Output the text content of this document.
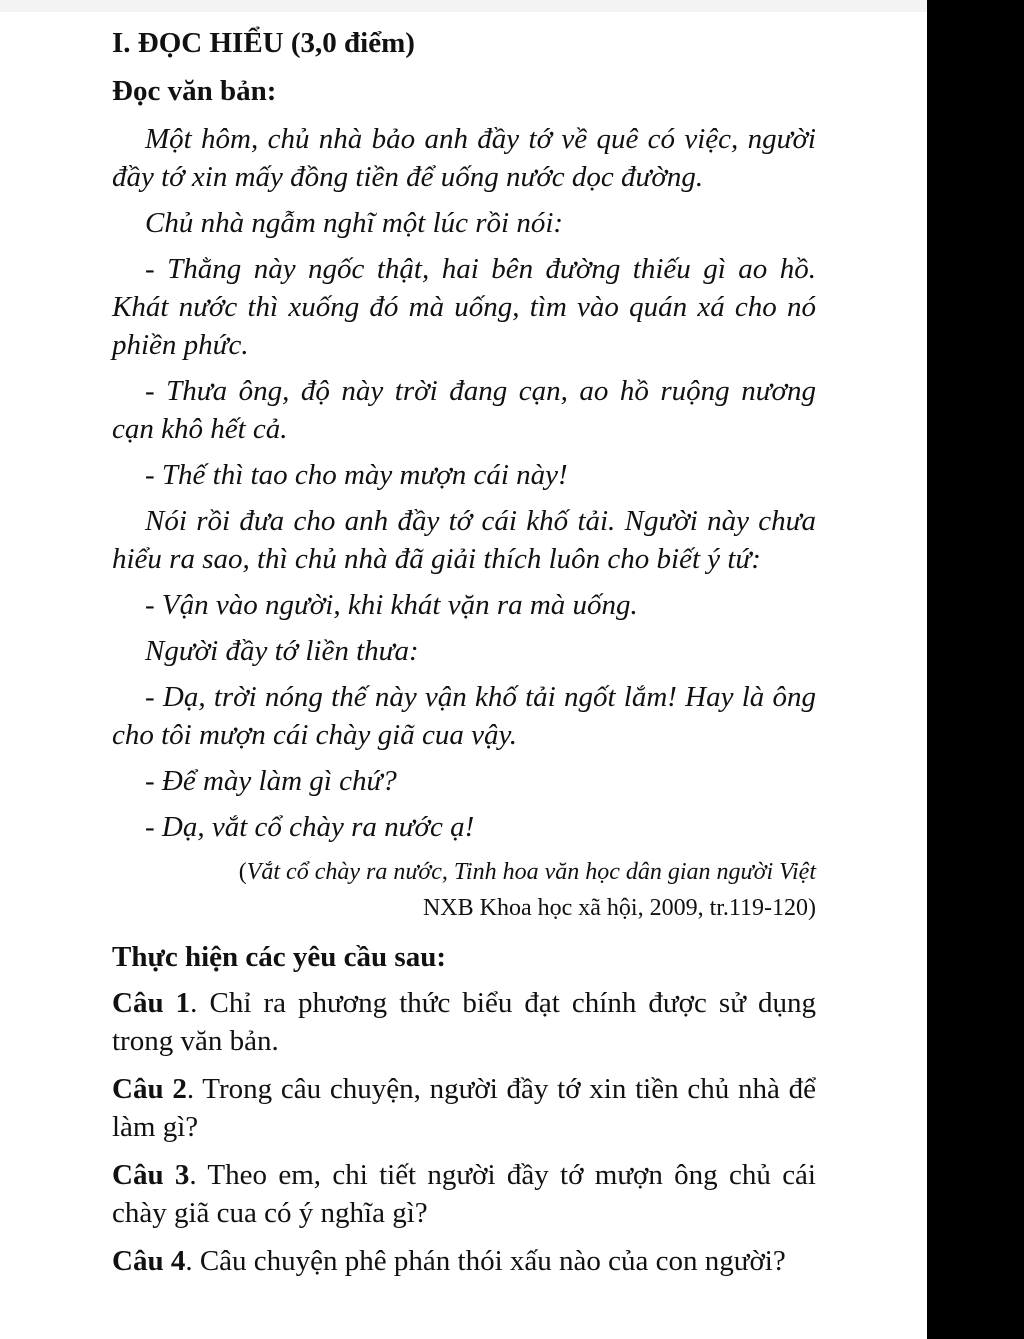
I. ĐỌC HIỂU (3,0 điểm)

Đọc văn bản:

Một hôm, chủ nhà bảo anh đầy tớ về quê có việc, người đầy tớ xin mấy đồng tiền để uống nước dọc đường.

Chủ nhà ngẫm nghĩ một lúc rồi nói:

- Thằng này ngốc thật, hai bên đường thiếu gì ao hồ. Khát nước thì xuống đó mà uống, tìm vào quán xá cho nó phiền phức.

- Thưa ông, độ này trời đang cạn, ao hồ ruộng nương cạn khô hết cả.

- Thế thì tao cho mày mượn cái này!

Nói rồi đưa cho anh đầy tớ cái khố tải. Người này chưa hiểu ra sao, thì chủ nhà đã giải thích luôn cho biết ý tứ:

- Vận vào người, khi khát vặn ra mà uống.

Người đầy tớ liền thưa:

- Dạ, trời nóng thế này vận khố tải ngốt lắm! Hay là ông cho tôi mượn cái chày giã cua vậy.

- Để mày làm gì chứ?

- Dạ, vắt cổ chày ra nước ạ!

(Vắt cổ chày ra nước, Tinh hoa văn học dân gian người Việt
NXB Khoa học xã hội, 2009, tr.119-120)

Thực hiện các yêu cầu sau:

Câu 1. Chỉ ra phương thức biểu đạt chính được sử dụng trong văn bản.

Câu 2. Trong câu chuyện, người đầy tớ xin tiền chủ nhà để làm gì?

Câu 3. Theo em, chi tiết người đầy tớ mượn ông chủ cái chày giã cua có ý nghĩa gì?

Câu 4. Câu chuyện phê phán thói xấu nào của con người?
